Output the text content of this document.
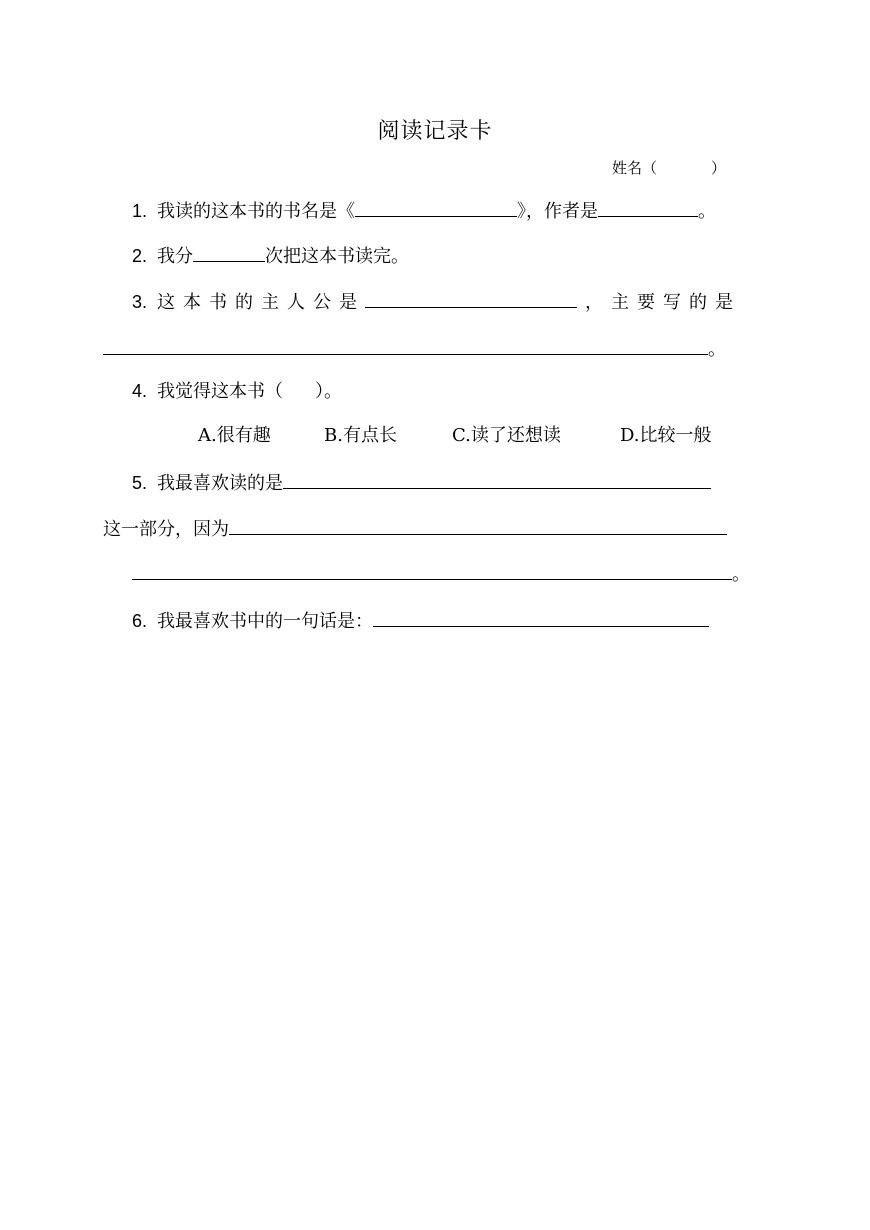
阅读记录卡
姓名（	）
1. 我读的这本书的书名是《	》，作者是	。
2. 我分	次把这本书读完。
3. 这本书的主人公是	，主要写的是
。
4. 我觉得这本书（ ）。
A.很有趣	B.有点长	C.读了还想读	D.比较一般
5. 我最喜欢读的是
这一部分，因为
。
6. 我最喜欢书中的一句话是：
